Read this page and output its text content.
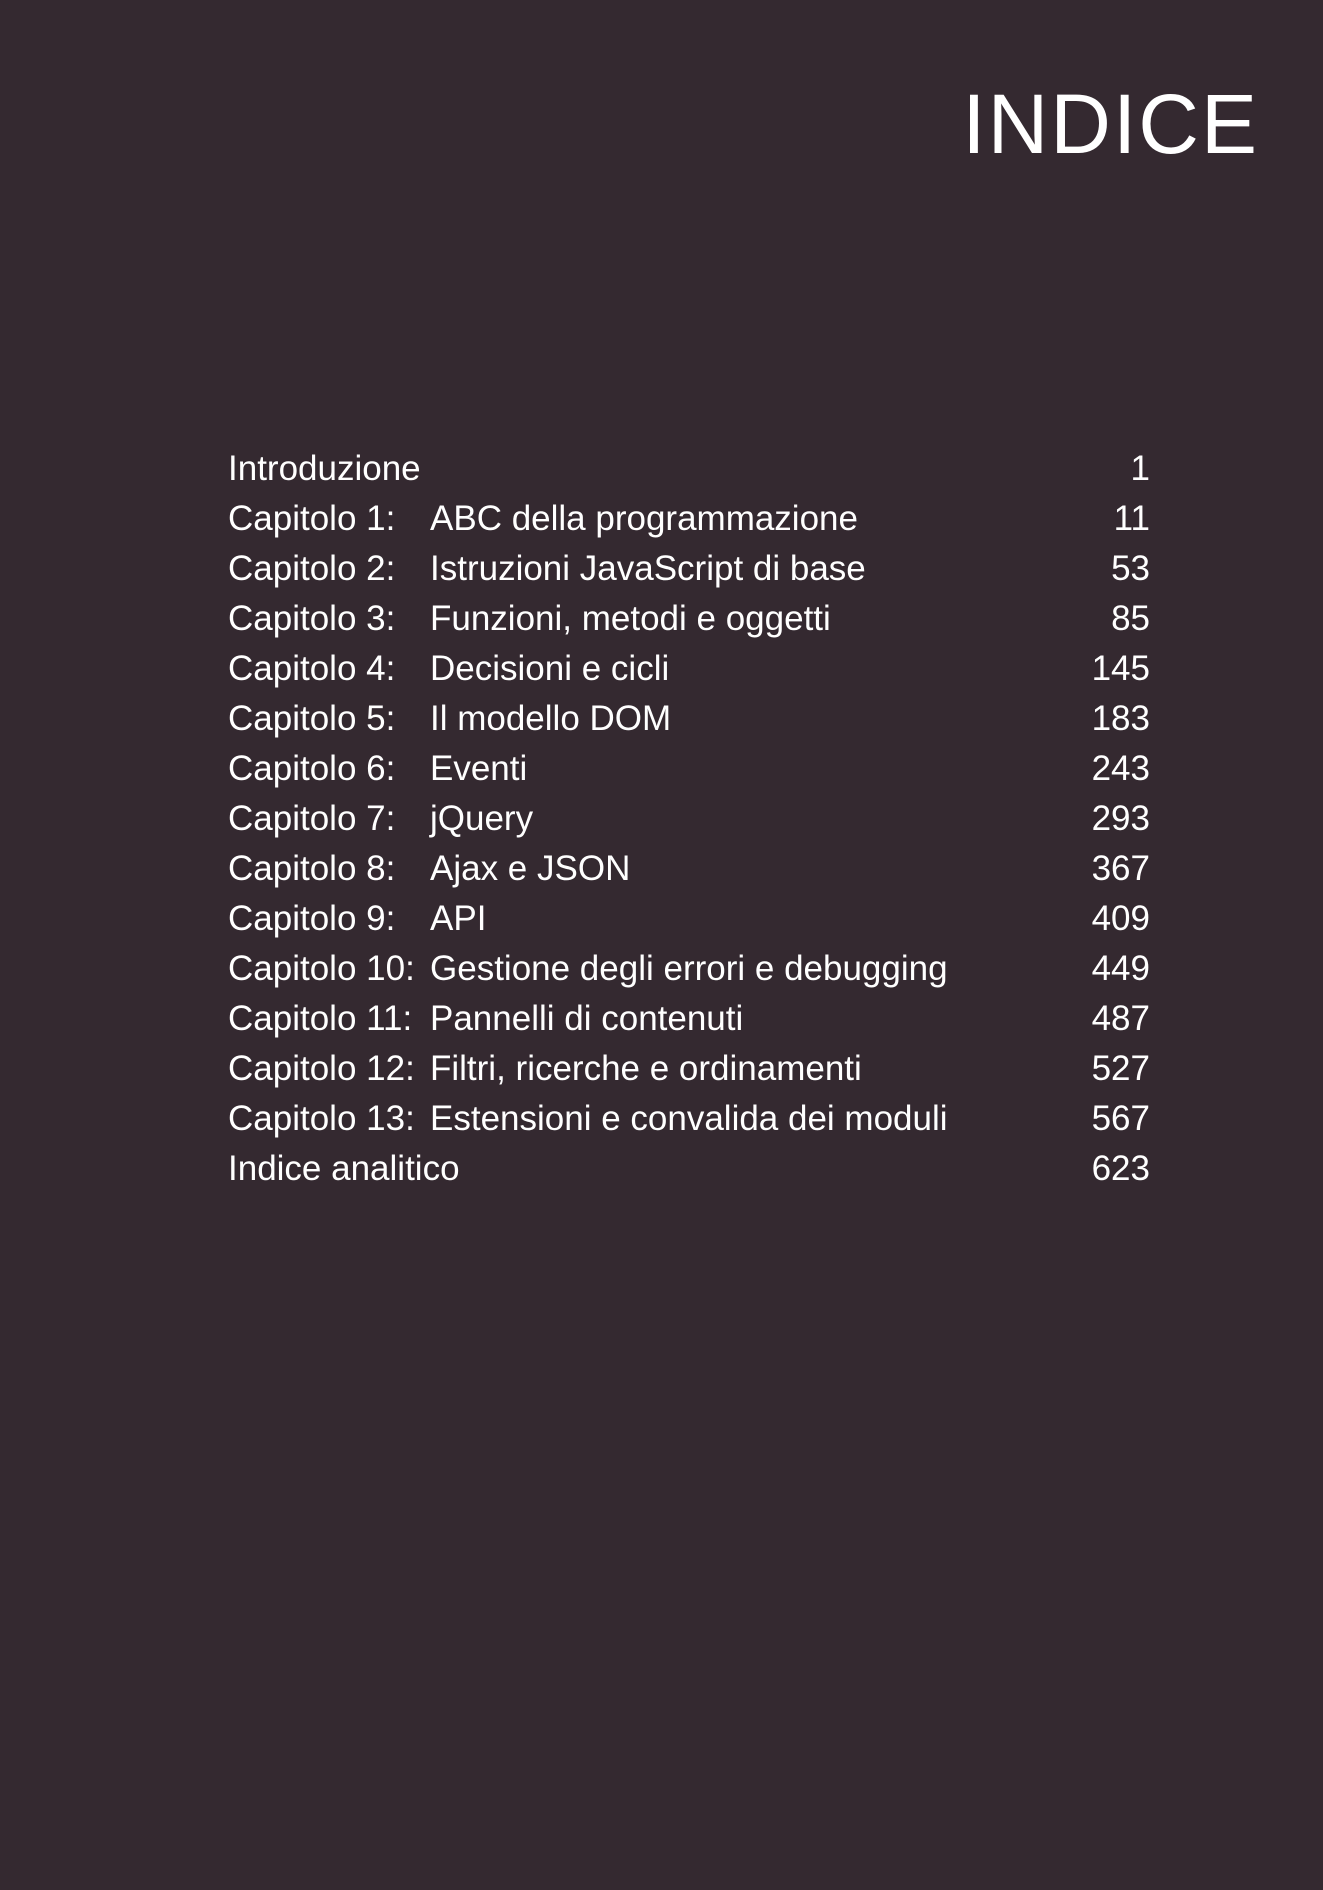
INDICE
Introduzione	1
Capitolo 1: ABC della programmazione	11
Capitolo 2: Istruzioni JavaScript di base	53
Capitolo 3: Funzioni, metodi e oggetti	85
Capitolo 4: Decisioni e cicli	145
Capitolo 5: Il modello DOM	183
Capitolo 6: Eventi	243
Capitolo 7: jQuery	293
Capitolo 8: Ajax e JSON	367
Capitolo 9: API	409
Capitolo 10: Gestione degli errori e debugging	449
Capitolo 11: Pannelli di contenuti	487
Capitolo 12: Filtri, ricerche e ordinamenti	527
Capitolo 13: Estensioni e convalida dei moduli	567
Indice analitico	623
